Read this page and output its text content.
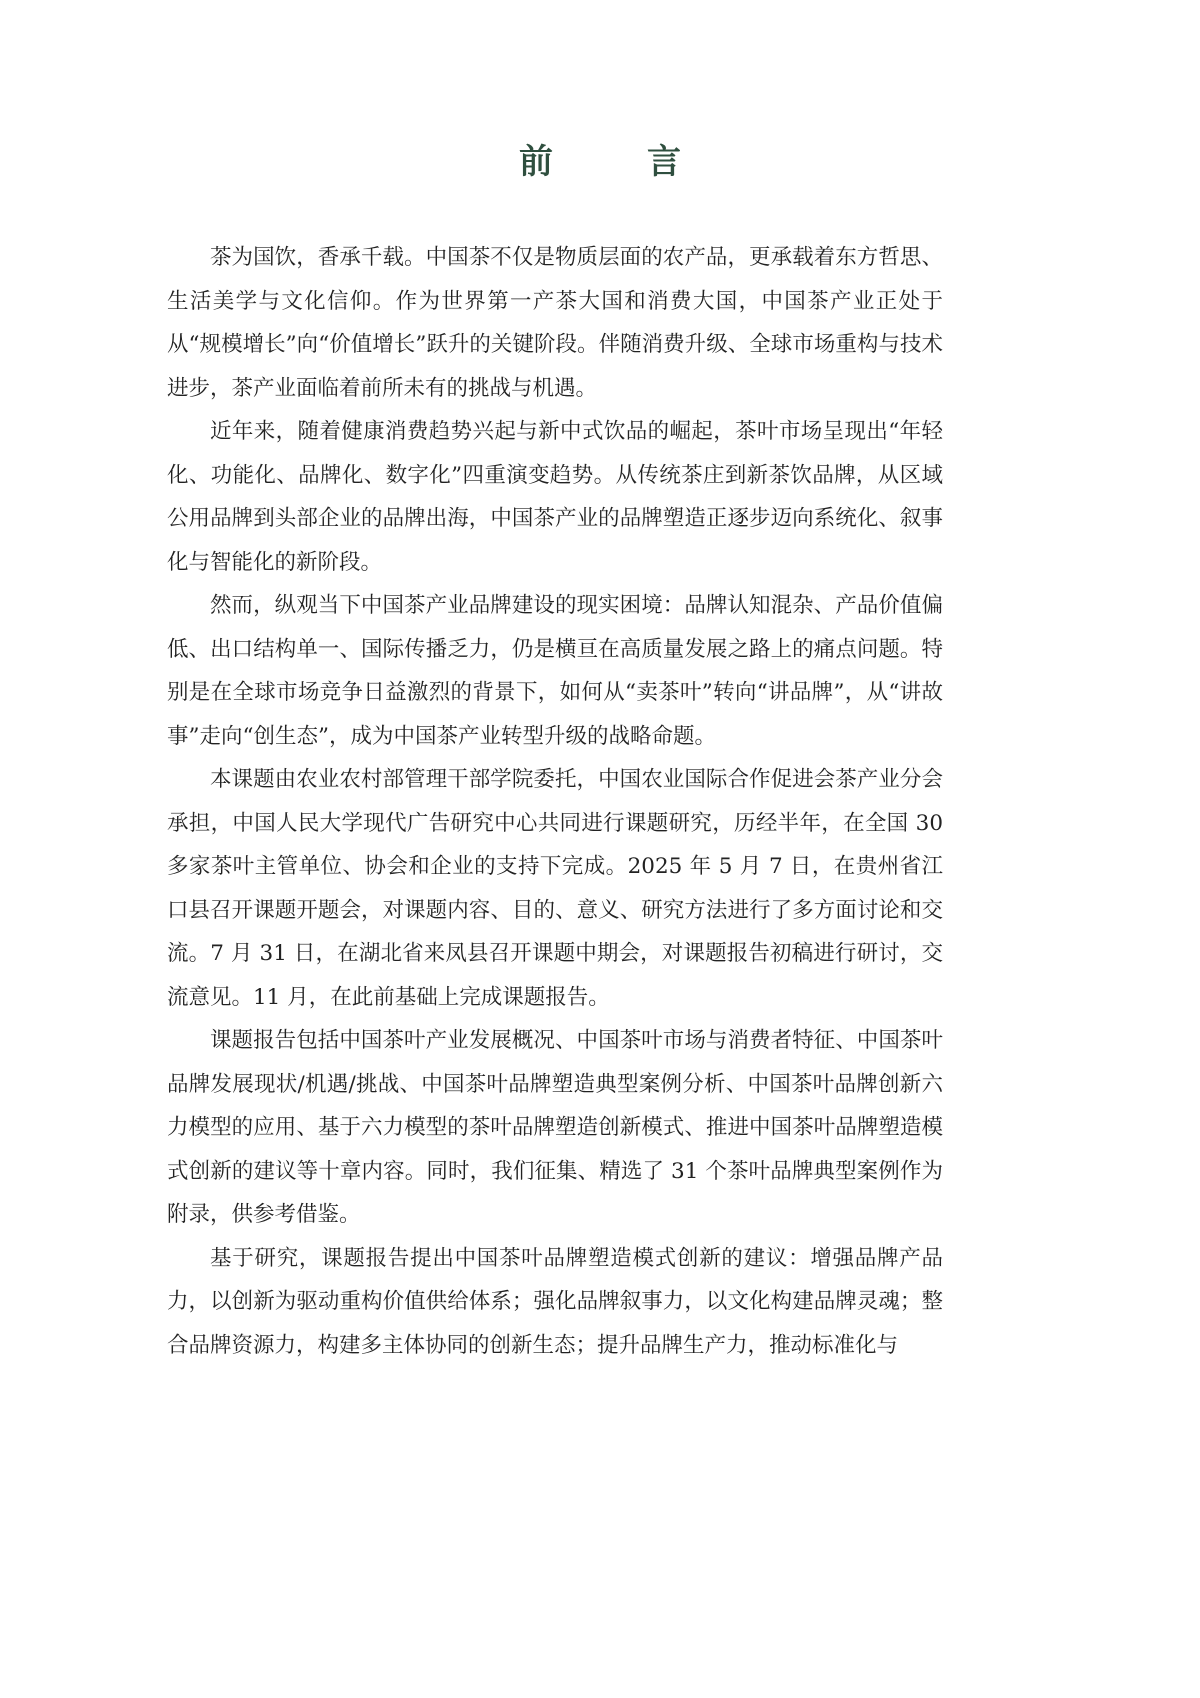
前　言

茶为国饮，香承千载。中国茶不仅是物质层面的农产品，更承载着东方哲思、生活美学与文化信仰。作为世界第一产茶大国和消费大国，中国茶产业正处于从“规模增长”向“价值增长”跃升的关键阶段。伴随消费升级、全球市场重构与技术进步，茶产业面临着前所未有的挑战与机遇。

近年来，随着健康消费趋势兴起与新中式饮品的崛起，茶叶市场呈现出“年轻化、功能化、品牌化、数字化”四重演变趋势。从传统茶庄到新茶饮品牌，从区域公用品牌到头部企业的品牌出海，中国茶产业的品牌塑造正逐步迈向系统化、叙事化与智能化的新阶段。

然而，纵观当下中国茶产业品牌建设的现实困境：品牌认知混杂、产品价值偏低、出口结构单一、国际传播乏力，仍是横亘在高质量发展之路上的痛点问题。特别是在全球市场竞争日益激烈的背景下，如何从“卖茶叶”转向“讲品牌”，从“讲故事”走向“创生态”，成为中国茶产业转型升级的战略命题。

本课题由农业农村部管理干部学院委托，中国农业国际合作促进会茶产业分会承担，中国人民大学现代广告研究中心共同进行课题研究，历经半年，在全国 30 多家茶叶主管单位、协会和企业的支持下完成。2025 年 5 月 7 日，在贵州省江口县召开课题开题会，对课题内容、目的、意义、研究方法进行了多方面讨论和交流。7 月 31 日，在湖北省来凤县召开课题中期会，对课题报告初稿进行研讨，交流意见。11 月，在此前基础上完成课题报告。

课题报告包括中国茶叶产业发展概况、中国茶叶市场与消费者特征、中国茶叶品牌发展现状/机遇/挑战、中国茶叶品牌塑造典型案例分析、中国茶叶品牌创新六力模型的应用、基于六力模型的茶叶品牌塑造创新模式、推进中国茶叶品牌塑造模式创新的建议等十章内容。同时，我们征集、精选了 31 个茶叶品牌典型案例作为附录，供参考借鉴。

基于研究，课题报告提出中国茶叶品牌塑造模式创新的建议：增强品牌产品力，以创新为驱动重构价值供给体系；强化品牌叙事力，以文化构建品牌灵魂；整合品牌资源力，构建多主体协同的创新生态；提升品牌生产力，推动标准化与
